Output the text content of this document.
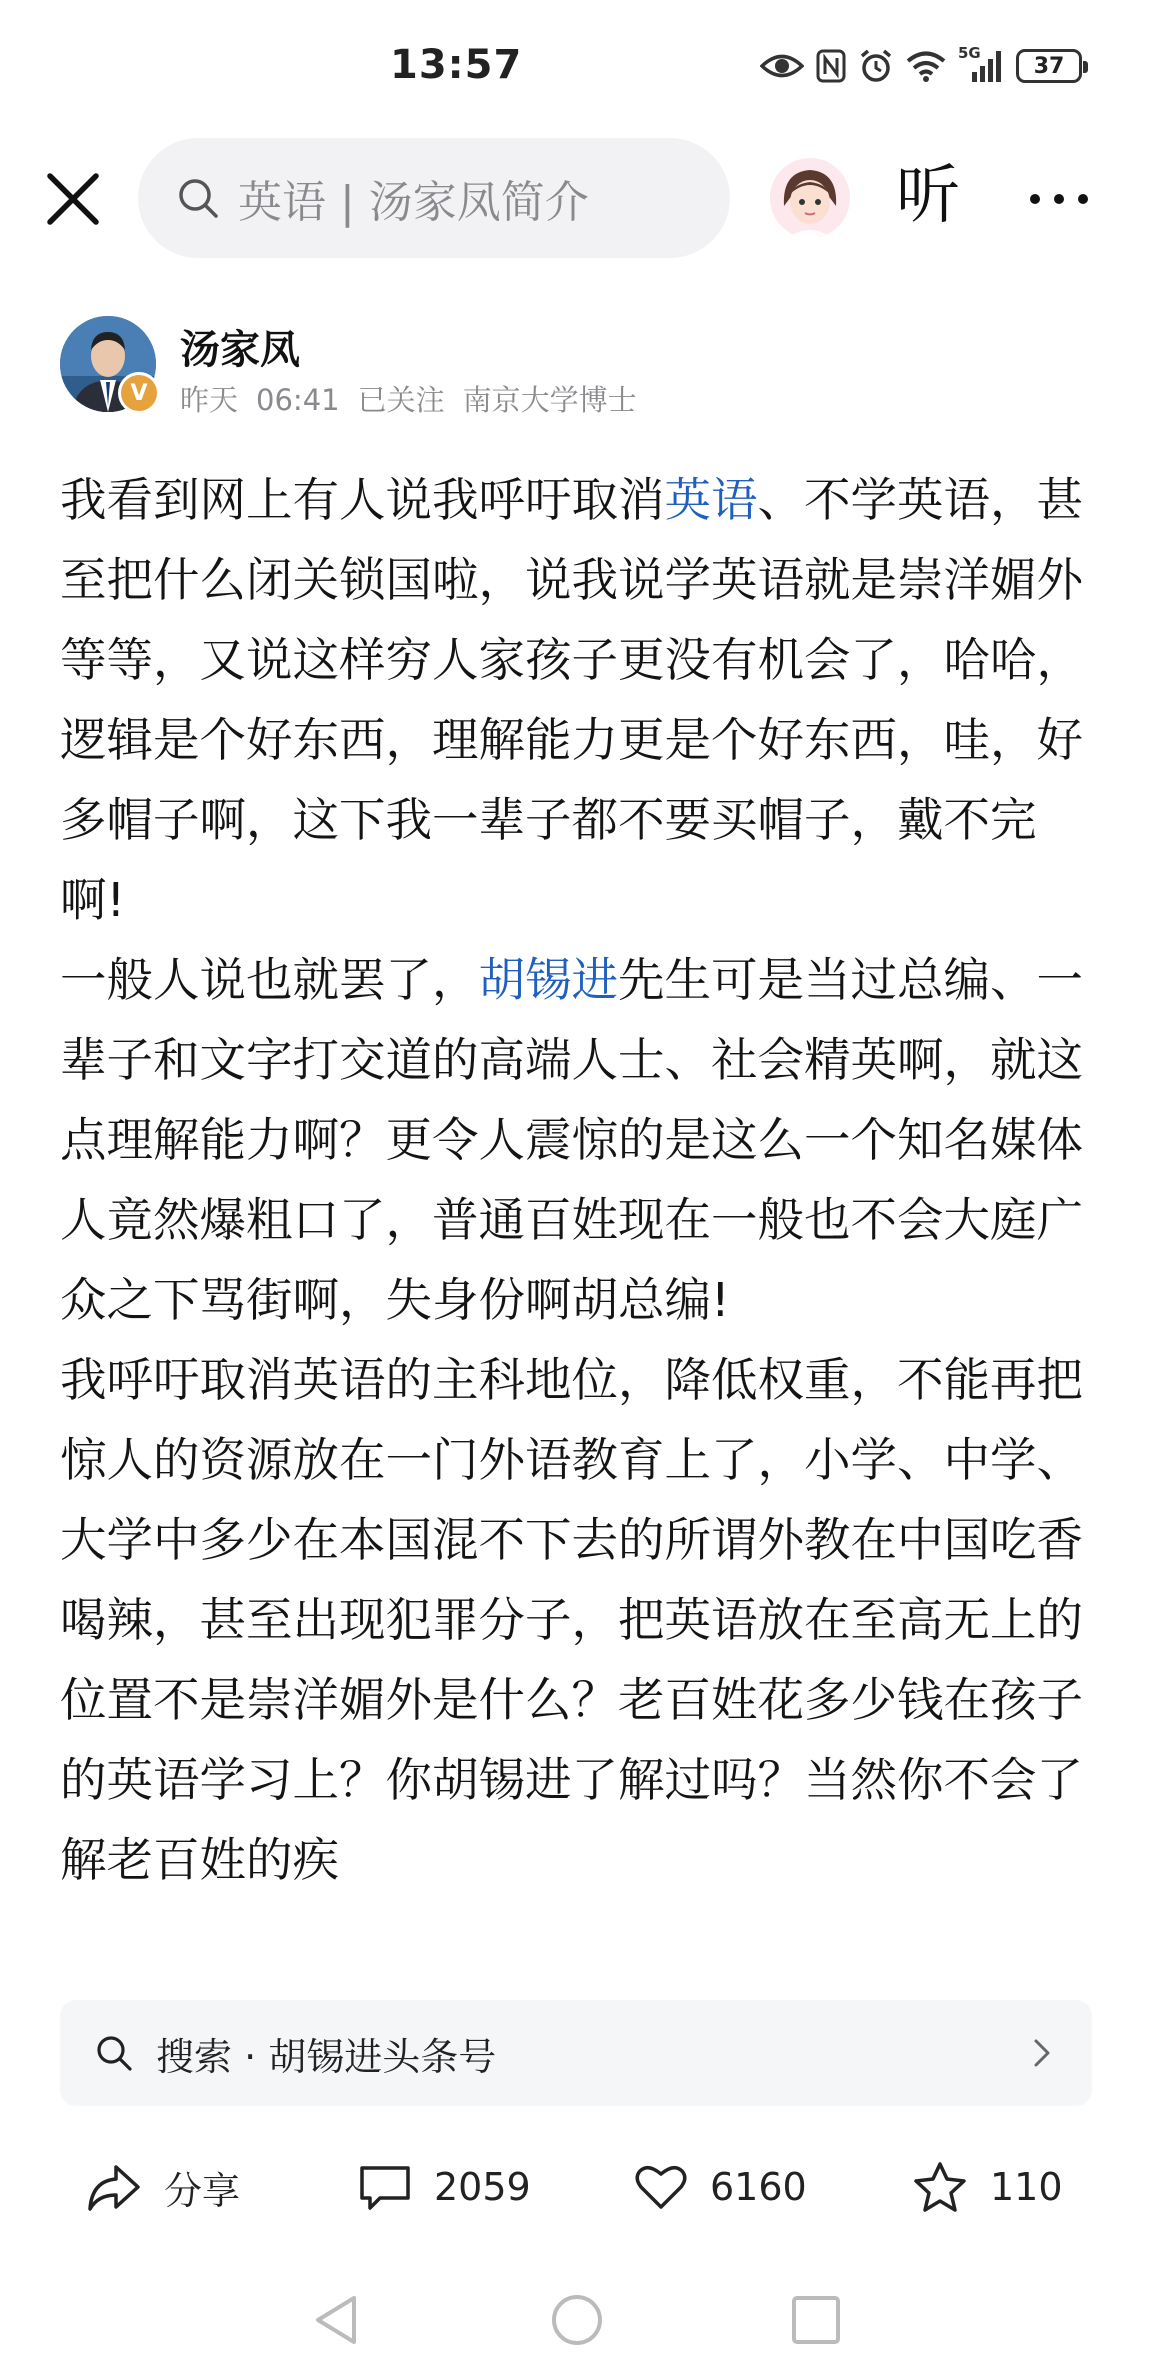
13:57	5G
37
英语 | 汤家凤简介	听
V
汤家凤
昨天 06:41 已关注 南京大学博士

我看到网上有人说我呼吁取消英语、不学英语，甚至把什么闭关锁国啦，说我说学英语就是崇洋媚外等等，又说这样穷人家孩子更没有机会了，哈哈，逻辑是个好东西，理解能力更是个好东西，哇，好多帽子啊，这下我一辈子都不要买帽子，戴不完啊!

一般人说也就罢了，胡锡进先生可是当过总编、一辈子和文字打交道的高端人士、社会精英啊，就这点理解能力啊？更令人震惊的是这么一个知名媒体人竟然爆粗口了，普通百姓现在一般也不会大庭广众之下骂街啊，失身份啊胡总编!

我呼吁取消英语的主科地位，降低权重，不能再把惊人的资源放在一门外语教育上了，小学、中学、大学中多少在本国混不下去的所谓外教在中国吃香喝辣，甚至出现犯罪分子，把英语放在至高无上的位置不是崇洋媚外是什么？老百姓花多少钱在孩子的英语学习上？你胡锡进了解过吗？当然你不会了解老百姓的疾

搜索 · 胡锡进头条号
分享	2059	6160	110
